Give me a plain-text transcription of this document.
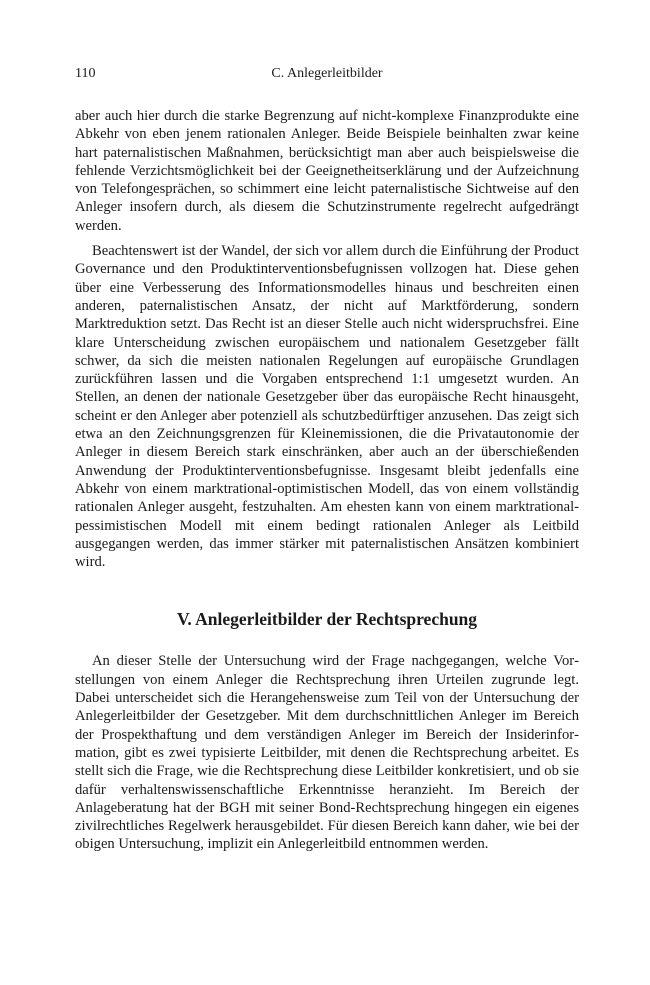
110	C. Anlegerleitbilder

aber auch hier durch die starke Begrenzung auf nicht-komplexe Finanzprodukte eine Abkehr von eben jenem rationalen Anleger. Beide Beispiele beinhalten zwar keine hart paternalistischen Maßnahmen, berücksichtigt man aber auch beispielsweise die fehlende Verzichtsmöglichkeit bei der Geeignetheitserklärung und der Aufzeichnung von Telefongesprächen, so schimmert eine leicht paternalistische Sichtweise auf den Anleger insofern durch, als diesem die Schutzinstrumente regelrecht aufgedrängt werden.

Beachtenswert ist der Wandel, der sich vor allem durch die Einführung der Product Governance und den Produktinterventionsbefugnissen vollzogen hat. Diese gehen über eine Verbesserung des Informationsmodelles hinaus und beschreiten einen anderen, paternalistischen Ansatz, der nicht auf Marktförderung, sondern Marktreduktion setzt. Das Recht ist an dieser Stelle auch nicht widerspruchsfrei. Eine klare Unterscheidung zwischen europäischem und nationalem Gesetzgeber fällt schwer, da sich die meisten nationalen Regelungen auf europäische Grundlagen zurückführen lassen und die Vorgaben entsprechend 1:1 umgesetzt wurden. An Stellen, an denen der nationale Gesetzgeber über das europäische Recht hinausgeht, scheint er den Anleger aber potenziell als schutzbedürftiger anzusehen. Das zeigt sich etwa an den Zeichnungsgrenzen für Kleinemissionen, die die Privatautonomie der Anleger in diesem Bereich stark einschränken, aber auch an der überschießenden Anwendung der Produktinterventionsbefugnisse. Insgesamt bleibt jedenfalls eine Abkehr von einem marktrational-optimistischen Modell, das von einem vollständig rationalen Anleger ausgeht, festzuhalten. Am ehesten kann von einem marktrational-pessimistischen Modell mit einem bedingt rationalen Anleger als Leitbild ausgegangen werden, das immer stärker mit paternalistischen Ansätzen kombiniert wird.

V. Anlegerleitbilder der Rechtsprechung

An dieser Stelle der Untersuchung wird der Frage nachgegangen, welche Vorstellungen von einem Anleger die Rechtsprechung ihren Urteilen zugrunde legt. Dabei unterscheidet sich die Herangehensweise zum Teil von der Untersuchung der Anlegerleitbilder der Gesetzgeber. Mit dem durchschnittlichen Anleger im Bereich der Prospekthaftung und dem verständigen Anleger im Bereich der Insiderinformation, gibt es zwei typisierte Leitbilder, mit denen die Rechtsprechung arbeitet. Es stellt sich die Frage, wie die Rechtsprechung diese Leitbilder konkretisiert, und ob sie dafür verhaltenswissenschaftliche Erkenntnisse heranzieht. Im Bereich der Anlageberatung hat der BGH mit seiner Bond-Rechtsprechung hingegen ein eigenes zivilrechtliches Regelwerk herausgebildet. Für diesen Bereich kann daher, wie bei der obigen Untersuchung, implizit ein Anlegerleitbild entnommen werden.
